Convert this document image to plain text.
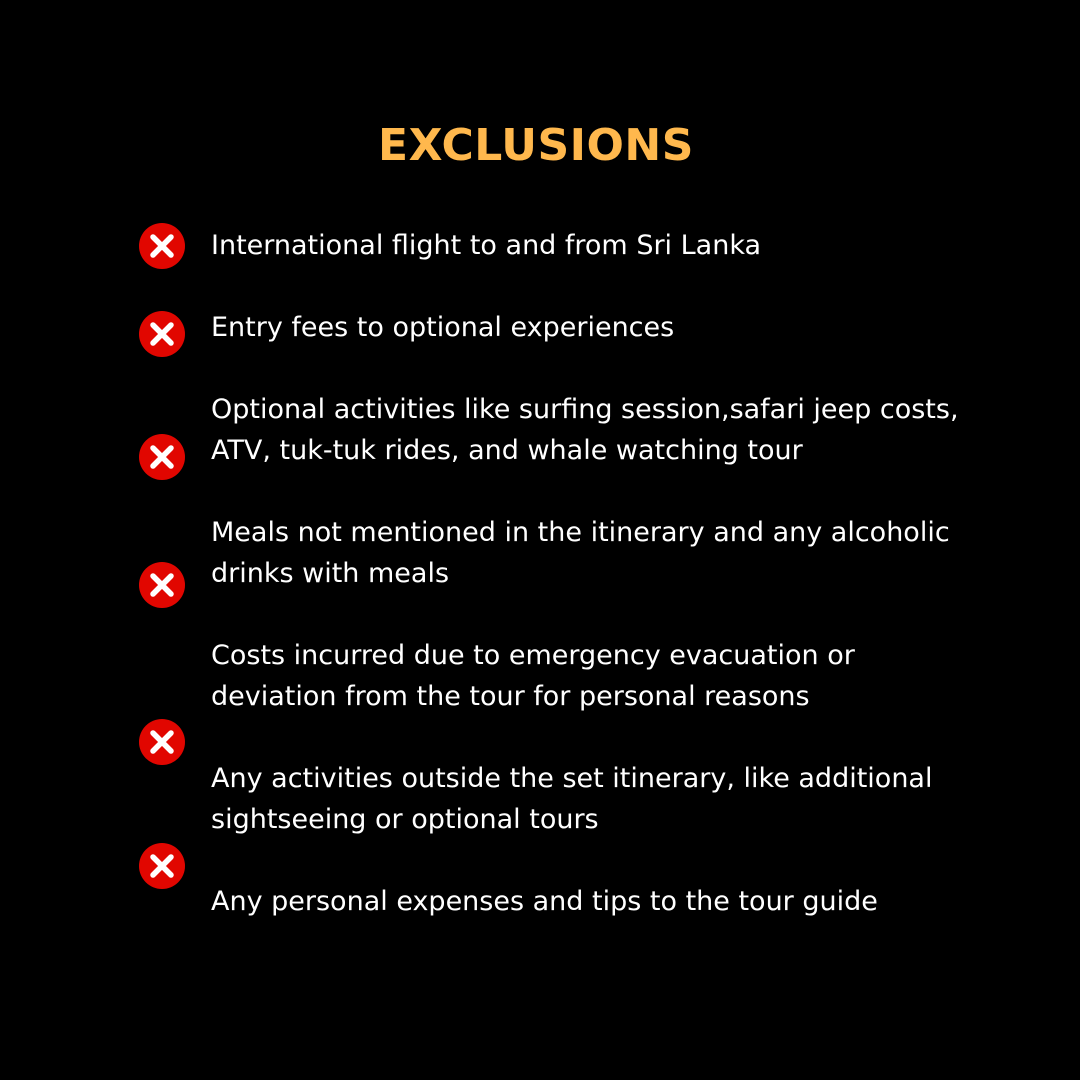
EXCLUSIONS
International flight to and from Sri Lanka
Entry fees to optional experiences
Optional activities like surfing session,safari jeep costs,
ATV, tuk-tuk rides, and whale watching tour
Meals not mentioned in the itinerary and any alcoholic
drinks with meals
Costs incurred due to emergency evacuation or
deviation from the tour for personal reasons
Any activities outside the set itinerary, like additional
sightseeing or optional tours
Any personal expenses and tips to the tour guide
